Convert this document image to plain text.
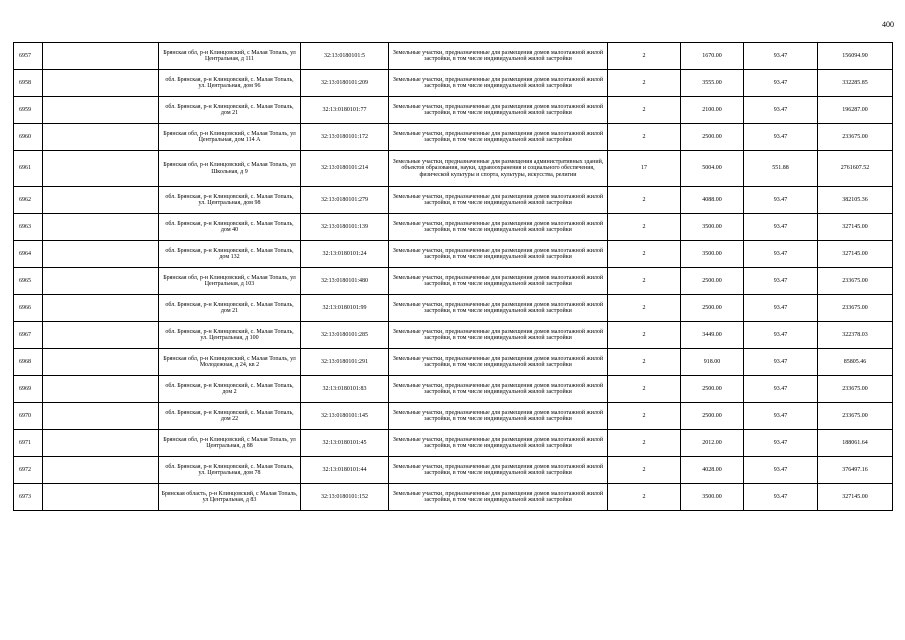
400
6957		Брянская обл, р-н Клинцовский, с Малая Топаль, ул Центральная, д 111	32:13:0180101:5	Земельные участки, предназначенные для размещения домов малоэтажной жилой застройки, в том числе индивидуальной жилой застройки	2	1670.00	93.47	156094.90
6958		обл. Брянская, р-н Клинцовский, с. Малая Топаль, ул. Центральная, дом 96	32:13:0180101:209	Земельные участки, предназначенные для размещения домов малоэтажной жилой застройки, в том числе индивидуальной жилой застройки	2	3555.00	93.47	332285.85
6959		обл. Брянская, р-н Клинцовский, с. Малая Топаль, дом 21	32:13:0180101:77	Земельные участки, предназначенные для размещения домов малоэтажной жилой застройки, в том числе индивидуальной жилой застройки	2	2100.00	93.47	196287.00
6960		Брянская обл, р-н Клинцовский, с Малая Топаль, ул Центральная, дом 114 А	32:13:0180101:172	Земельные участки, предназначенные для размещения домов малоэтажной жилой застройки, в том числе индивидуальной жилой застройки	2	2500.00	93.47	233675.00
6961		Брянская обл, р-н Клинцовский, с Малая Топаль, ул Школьная, д 9	32:13:0180101:214	Земельные участки, предназначенные для размещения административных зданий, объектов образования, науки, здравоохранения и социального обеспечения, физической культуры и спорта, культуры, искусства, религии	17	5004.00	551.88	2761607.52
6962		обл. Брянская, р-н Клинцовский, с. Малая Топаль, ул. Центральная, дом 98	32:13:0180101:279	Земельные участки, предназначенные для размещения домов малоэтажной жилой застройки, в том числе индивидуальной жилой застройки	2	4088.00	93.47	382105.36
6963		обл. Брянская, р-н Клинцовский, с. Малая Топаль, дом 40	32:13:0180101:139	Земельные участки, предназначенные для размещения домов малоэтажной жилой застройки, в том числе индивидуальной жилой застройки	2	3500.00	93.47	327145.00
6964		обл. Брянская, р-н Клинцовский, с. Малая Топаль, дом 132	32:13:0180101:24	Земельные участки, предназначенные для размещения домов малоэтажной жилой застройки, в том числе индивидуальной жилой застройки	2	3500.00	93.47	327145.00
6965		Брянская обл, р-н Клинцовский, с Малая Топаль, ул Центральная, д 103	32:13:0180101:480	Земельные участки, предназначенные для размещения домов малоэтажной жилой застройки, в том числе индивидуальной жилой застройки	2	2500.00	93.47	233675.00
6966		обл. Брянская, р-н Клинцовский, с. Малая Топаль, дом 21	32:13:0180101:99	Земельные участки, предназначенные для размещения домов малоэтажной жилой застройки, в том числе индивидуальной жилой застройки	2	2500.00	93.47	233675.00
6967		обл. Брянская, р-н Клинцовский, с. Малая Топаль, ул. Центральная, д 100	32:13:0180101:285	Земельные участки, предназначенные для размещения домов малоэтажной жилой застройки, в том числе индивидуальной жилой застройки	2	3449.00	93.47	322378.03
6968		Брянская обл, р-н Клинцовский, с Малая Топаль, ул Молодежная, д 24, кв 2	32:13:0180101:291	Земельные участки, предназначенные для размещения домов малоэтажной жилой застройки, в том числе индивидуальной жилой застройки	2	918.00	93.47	85805.46
6969		обл. Брянская, р-н Клинцовский, с. Малая Топаль, дом 2	32:13:0180101:83	Земельные участки, предназначенные для размещения домов малоэтажной жилой застройки, в том числе индивидуальной жилой застройки	2	2500.00	93.47	233675.00
6970		обл. Брянская, р-н Клинцовский, с. Малая Топаль, дом 22	32:13:0180101:145	Земельные участки, предназначенные для размещения домов малоэтажной жилой застройки, в том числе индивидуальной жилой застройки	2	2500.00	93.47	233675.00
6971		Брянская обл, р-н Клинцовский, с Малая Топаль, ул Центральная, д 88	32:13:0180101:45	Земельные участки, предназначенные для размещения домов малоэтажной жилой застройки, в том числе индивидуальной жилой застройки	2	2012.00	93.47	188061.64
6972		обл. Брянская, р-н Клинцовский, с. Малая Топаль, ул. Центральная, дом 78	32:13:0180101:44	Земельные участки, предназначенные для размещения домов малоэтажной жилой застройки, в том числе индивидуальной жилой застройки	2	4028.00	93.47	376497.16
6973		Брянская область, р-н Клинцовский, с Малая Топаль, ул Центральная, д 83	32:13:0180101:152	Земельные участки, предназначенные для размещения домов малоэтажной жилой застройки, в том числе индивидуальной жилой застройки	2	3500.00	93.47	327145.00
